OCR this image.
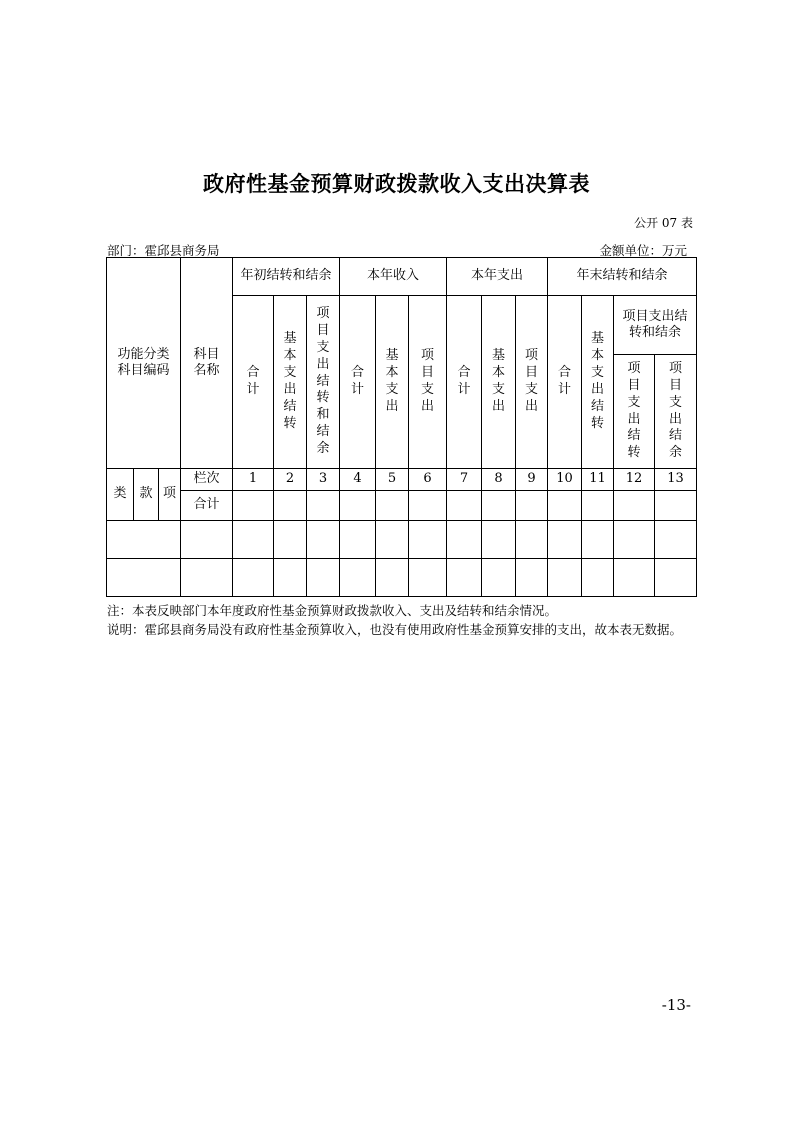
政府性基金预算财政拨款收入支出决算表
公开 07 表
部门：霍邱县商务局	金额单位：万元
功能分类科目编码			科目名称	年初结转和结余			本年收入			本年支出			年末结转和结余			
				合计	基本支出结转	项目支出结转和结余	合计	基本支出	项目支出	合计	基本支出	项目支出	合计	基本支出结转	项目支出结转和结余	
															项目支出结转	项目支出结余

类	款	项	栏次	1	2	3	4	5	6	7	8	9	10	11	12	13
			合计													

注：本表反映部门本年度政府性基金预算财政拨款收入、支出及结转和结余情况。

说明：霍邱县商务局没有政府性基金预算收入，也没有使用政府性基金预算安排的支出，故本表无数据。

-13-
